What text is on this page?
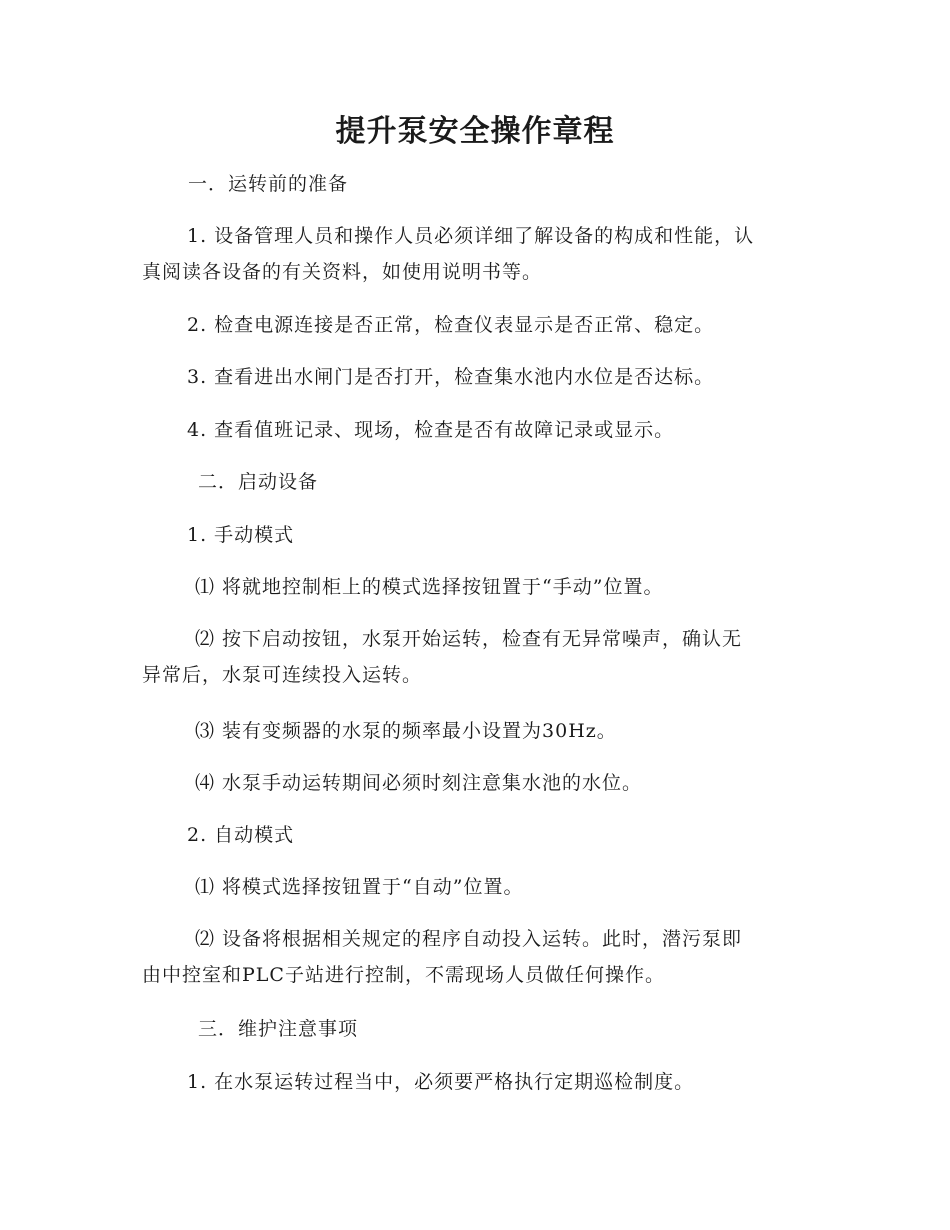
提升泵安全操作章程
一．运转前的准备
1. 设备管理人员和操作人员必须详细了解设备的构成和性能，认
真阅读各设备的有关资料，如使用说明书等。
2. 检查电源连接是否正常，检查仪表显示是否正常、稳定。
3. 查看进出水闸门是否打开，检查集水池内水位是否达标。
4. 查看值班记录、现场，检查是否有故障记录或显示。
二．启动设备
1. 手动模式
⑴ 将就地控制柜上的模式选择按钮置于“手动”位置。
⑵ 按下启动按钮，水泵开始运转，检查有无异常噪声，确认无
异常后，水泵可连续投入运转。
⑶ 装有变频器的水泵的频率最小设置为30Hz。
⑷ 水泵手动运转期间必须时刻注意集水池的水位。
2. 自动模式
⑴ 将模式选择按钮置于“自动”位置。
⑵ 设备将根据相关规定的程序自动投入运转。此时，潜污泵即
由中控室和PLC子站进行控制，不需现场人员做任何操作。
三．维护注意事项
1. 在水泵运转过程当中，必须要严格执行定期巡检制度。
